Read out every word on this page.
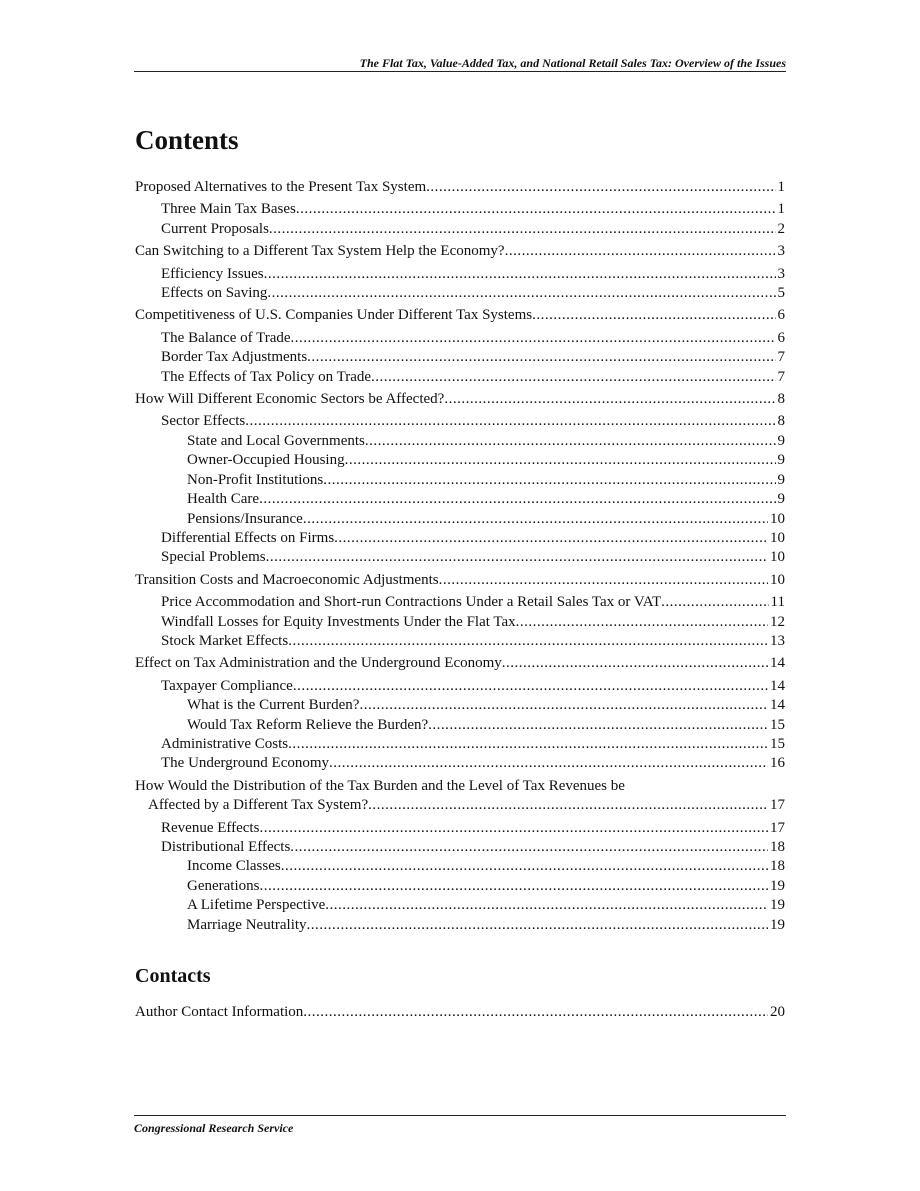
The Flat Tax, Value-Added Tax, and National Retail Sales Tax: Overview of the Issues
Contents
Proposed Alternatives to the Present Tax System .....	1
Three Main Tax Bases .....	1
Current Proposals .....	2
Can Switching to a Different Tax System Help the Economy? .....	3
Efficiency Issues .....	3
Effects on Saving .....	5
Competitiveness of U.S. Companies Under Different Tax Systems .....	6
The Balance of Trade .....	6
Border Tax Adjustments .....	7
The Effects of Tax Policy on Trade .....	7
How Will Different Economic Sectors be Affected? .....	8
Sector Effects .....	8
State and Local Governments .....	9
Owner-Occupied Housing .....	9
Non-Profit Institutions .....	9
Health Care .....	9
Pensions/Insurance .....	10
Differential Effects on Firms .....	10
Special Problems .....	10
Transition Costs and Macroeconomic Adjustments .....	10
Price Accommodation and Short-run Contractions Under a Retail Sales Tax or VAT .....	11
Windfall Losses for Equity Investments Under the Flat Tax .....	12
Stock Market Effects .....	13
Effect on Tax Administration and the Underground Economy .....	14
Taxpayer Compliance .....	14
What is the Current Burden? .....	14
Would Tax Reform Relieve the Burden? .....	15
Administrative Costs .....	15
The Underground Economy .....	16
How Would the Distribution of the Tax Burden and the Level of Tax Revenues be
Affected by a Different Tax System? .....	17
Revenue Effects .....	17
Distributional Effects .....	18
Income Classes .....	18
Generations .....	19
A Lifetime Perspective .....	19
Marriage Neutrality .....	19
Contacts
Author Contact Information .....	20
Congressional Research Service
